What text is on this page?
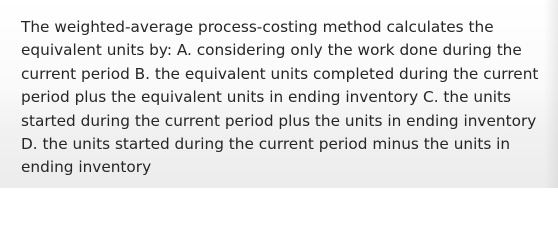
The weighted-average process-costing method calculates the equivalent units by: A. considering only the work done during the current period B. the equivalent units completed during the current period plus the equivalent units in ending inventory C. the units started during the current period plus the units in ending inventory D. the units started during the current period minus the units in ending inventory
